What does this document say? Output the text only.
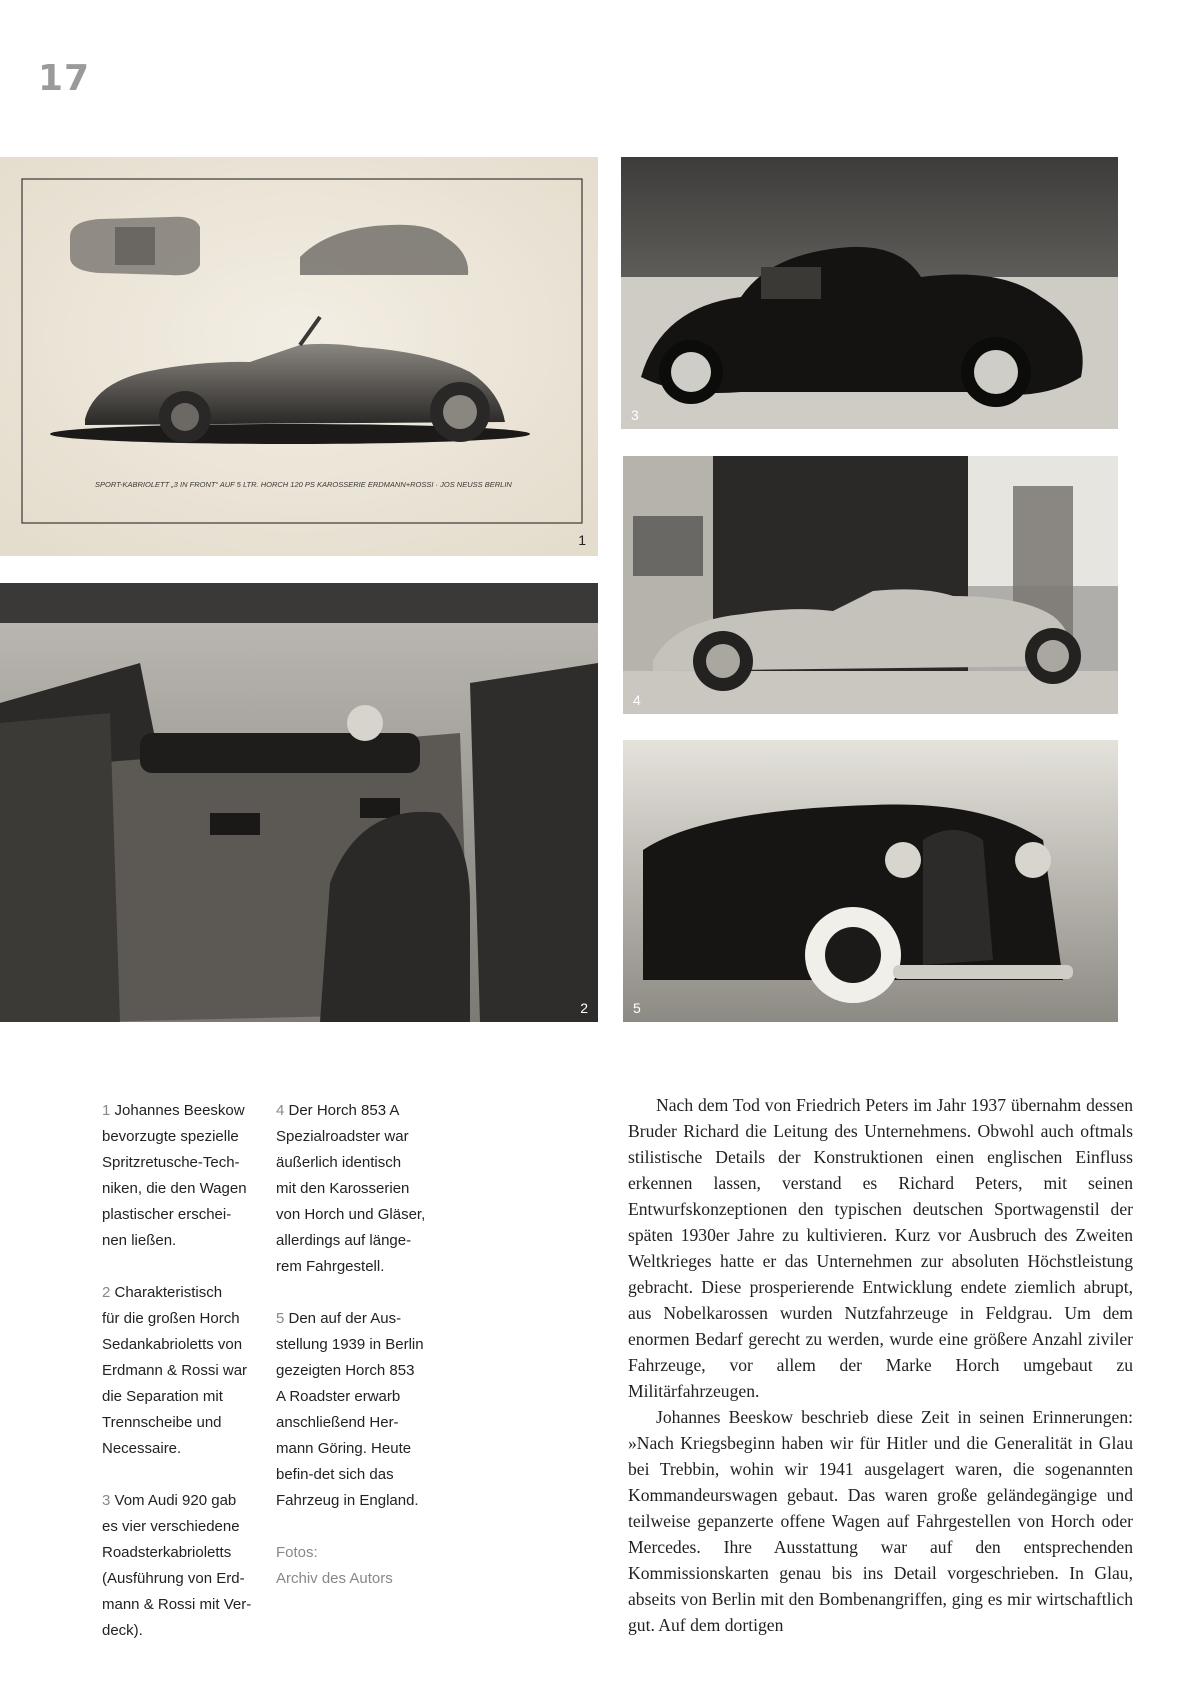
17
SPORT-KABRIOLETT „3 IN FRONT“ AUF 5 LTR. HORCH 120 PS KAROSSERIE ERDMANN+ROSSI · JOS NEUSS BERLIN
1
2
3
4
5
1 Johannes Beeskow
bevorzugte spezielle
Spritzretusche-Tech-
niken, die den Wagen
plastischer erschei-
nen ließen.
2 Charakteristisch
für die großen Horch
Sedankabrioletts von
Erdmann & Rossi war
die Separation mit
Trennscheibe und
Necessaire.
3 Vom Audi 920 gab
es vier verschiedene
Roadsterkabrioletts
(Ausführung von Erd-
mann & Rossi mit Ver-
deck).
4 Der Horch 853 A
Spezialroadster war
äußerlich identisch
mit den Karosserien
von Horch und Gläser,
allerdings auf länge-
rem Fahrgestell.
5 Den auf der Aus-
stellung 1939 in Berlin
gezeigten Horch 853
A Roadster erwarb
anschließend Her-
mann Göring. Heute
befin-det sich das
Fahrzeug in England.
Fotos:
Archiv des Autors

Nach dem Tod von Friedrich Peters im Jahr 1937 übernahm dessen Bruder Richard die Leitung des Unternehmens. Obwohl auch oftmals stilistische Details der Konstruktionen einen englischen Einfluss erkennen lassen, verstand es Richard Peters, mit seinen Entwurfskonzeptionen den typischen deutschen Sportwagenstil der späten 1930er Jahre zu kultivieren. Kurz vor Ausbruch des Zweiten Weltkrieges hatte er das Unternehmen zur absoluten Höchstleistung gebracht. Diese prosperierende Entwicklung endete ziemlich abrupt, aus Nobelkarossen wurden Nutzfahrzeuge in Feldgrau. Um dem enormen Bedarf gerecht zu werden, wurde eine größere Anzahl ziviler Fahrzeuge, vor allem der Marke Horch umgebaut zu Militärfahrzeugen.

Johannes Beeskow beschrieb diese Zeit in seinen Erinnerungen: »Nach Kriegsbeginn haben wir für Hitler und die Generalität in Glau bei Trebbin, wohin wir 1941 ausgelagert waren, die sogenannten Kommandeurswagen gebaut. Das waren große geländegängige und teilweise gepanzerte offene Wagen auf Fahrgestellen von Horch oder Mercedes. Ihre Ausstattung war auf den entsprechenden Kommissionskarten genau bis ins Detail vorgeschrieben. In Glau, abseits von Berlin mit den Bombenangriffen, ging es mir wirtschaftlich gut. Auf dem dortigen
